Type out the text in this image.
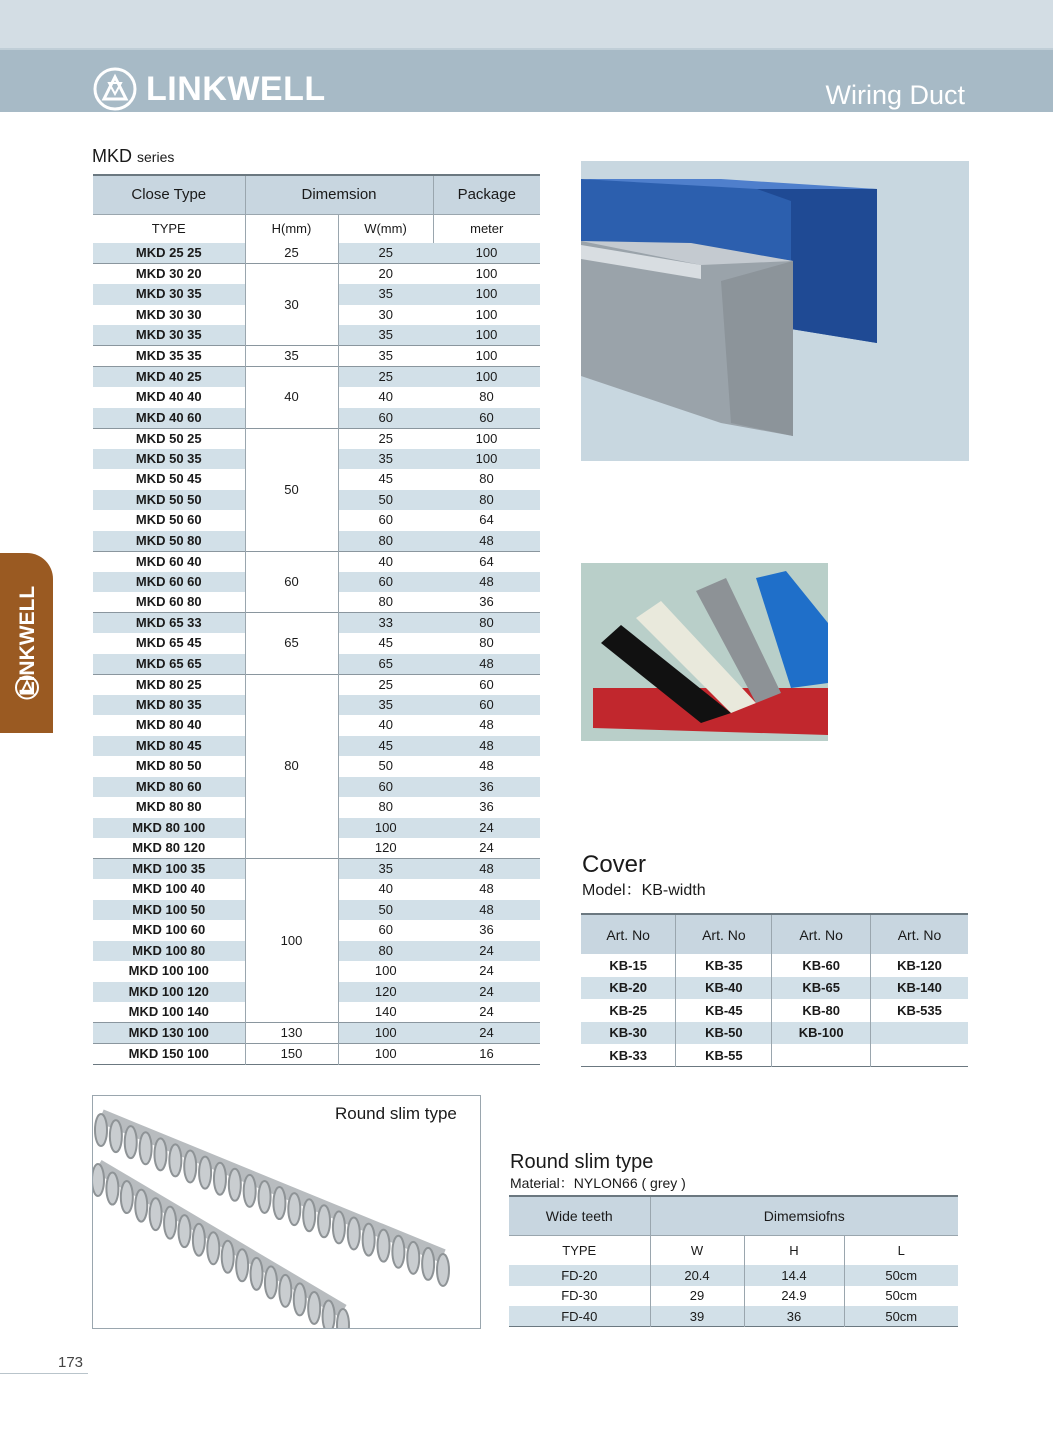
LINKWELL	Wiring Duct
LINKWELL
MKD series
Close Type	Dimemsion		Package
TYPE	H(mm)	W(mm)	meter
MKD 25 25	25	25	100
MKD 30 20	30	20	100
MKD 30 35		35	100
MKD 30 30		30	100
MKD 30 35		35	100
MKD 35 35	35	35	100
MKD 40 25	40	25	100
MKD 40 40		40	80
MKD 40 60		60	60
MKD 50 25	50	25	100
MKD 50 35		35	100
MKD 50 45		45	80
MKD 50 50		50	80
MKD 50 60		60	64
MKD 50 80		80	48
MKD 60 40	60	40	64
MKD 60 60		60	48
MKD 60 80		80	36
MKD 65 33	65	33	80
MKD 65 45		45	80
MKD 65 65		65	48
MKD 80 25	80	25	60
MKD 80 35		35	60
MKD 80 40		40	48
MKD 80 45		45	48
MKD 80 50		50	48
MKD 80 60		60	36
MKD 80 80		80	36
MKD 80 100		100	24
MKD 80 120		120	24
MKD 100 35	100	35	48
MKD 100 40		40	48
MKD 100 50		50	48
MKD 100 60		60	36
MKD 100 80		80	24
MKD 100 100		100	24
MKD 100 120		120	24
MKD 100 140		140	24
MKD 130 100	130	100	24
MKD 150 100	150	100	16
Cover
Model：KB-width
Art. No	Art. No	Art. No	Art. No
KB-15	KB-35	KB-60	KB-120
KB-20	KB-40	KB-65	KB-140
KB-25	KB-45	KB-80	KB-535
KB-30	KB-50	KB-100	
KB-33	KB-55		
Round slim type
Round slim type
Material：NYLON66 ( grey )
Wide teeth	Dimemsiofns		
TYPE	W	H	L
FD-20	20.4	14.4	50cm
FD-30	29	24.9	50cm
FD-40	39	36	50cm
173
